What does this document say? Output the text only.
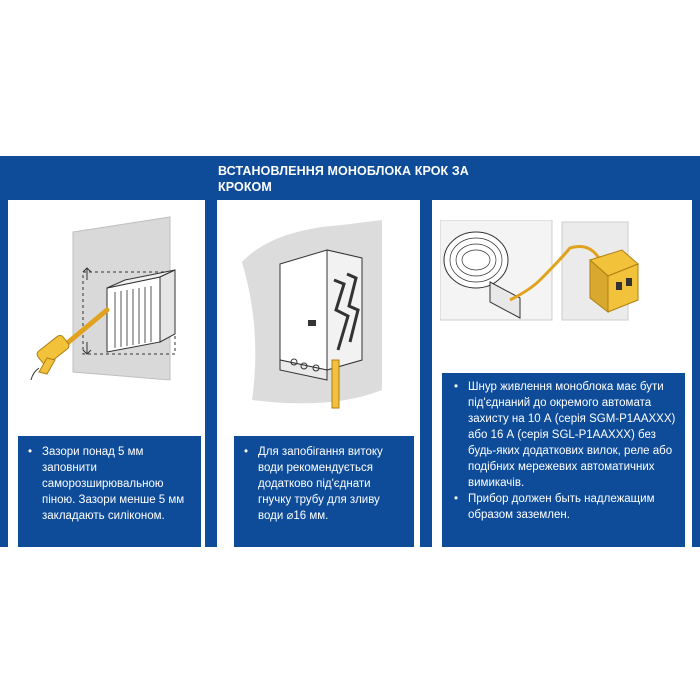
ВСТАНОВЛЕННЯ МОНОБЛОКА КРОК ЗА КРОКОМ
• Зазори понад 5 мм заповнити саморозширювальною піною. Зазори менше 5 мм закладають силіконом.
• Для запобігання витоку води рекомендується додатково під'єднати гнучку трубу для зливу води ⌀16 мм.
• Шнур живлення моноблока має бути під'єднаний до окремого автомата захисту на 10 А (серія SGM-P1AAXXX) або 16 А (серія SGL-P1AAXXX) без будь-яких додаткових вилок, реле або подібних мережевих автоматичних вимикачів.
• Прибор должен быть надлежащим образом заземлен.
